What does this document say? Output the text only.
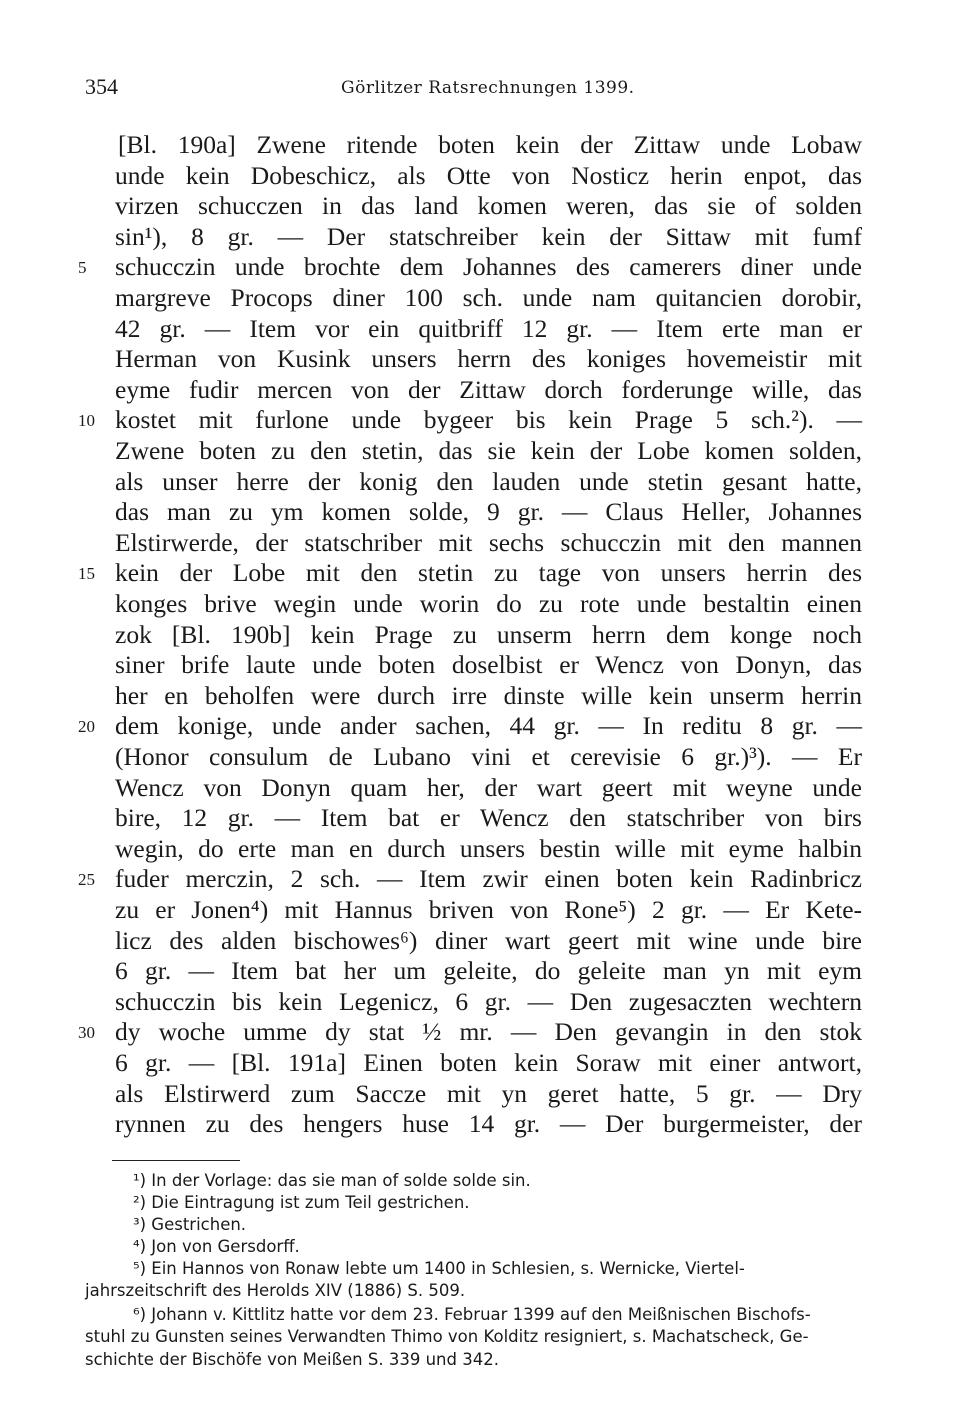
354	Görlitzer Ratsrechnungen 1399.
[Bl. 190a] Zwene ritende boten kein der Zittaw unde Lobaw
unde kein Dobeschicz, als Otte von Nosticz herin enpot, das
virzen schucczen in das land komen weren, das sie of solden
sin¹), 8 gr. — Der statschreiber kein der Sittaw mit fumf
schucczin unde brochte dem Johannes des camerers diner unde
margreve Procops diner 100 sch. unde nam quitancien dorobir,
42 gr. — Item vor ein quitbriff 12 gr. — Item erte man er
Herman von Kusink unsers herrn des koniges hovemeistir mit
eyme fudir mercen von der Zittaw dorch forderunge wille, das
kostet mit furlone unde bygeer bis kein Prage 5 sch.²). —
Zwene boten zu den stetin, das sie kein der Lobe komen solden,
als unser herre der konig den lauden unde stetin gesant hatte,
das man zu ym komen solde, 9 gr. — Claus Heller, Johannes
Elstirwerde, der statschriber mit sechs schucczin mit den mannen
kein der Lobe mit den stetin zu tage von unsers herrin des
konges brive wegin unde worin do zu rote unde bestaltin einen
zok [Bl. 190b] kein Prage zu unserm herrn dem konge noch
siner brife laute unde boten doselbist er Wencz von Donyn, das
her en beholfen were durch irre dinste wille kein unserm herrin
dem konige, unde ander sachen, 44 gr. — In reditu 8 gr. —
(Honor consulum de Lubano vini et cerevisie 6 gr.)³). — Er
Wencz von Donyn quam her, der wart geert mit weyne unde
bire, 12 gr. — Item bat er Wencz den statschriber von birs
wegin, do erte man en durch unsers bestin wille mit eyme halbin
fuder merczin, 2 sch. — Item zwir einen boten kein Radinbricz
zu er Jonen⁴) mit Hannus briven von Rone⁵) 2 gr. — Er Kete-
licz des alden bischowes⁶) diner wart geert mit wine unde bire
6 gr. — Item bat her um geleite, do geleite man yn mit eym
schucczin bis kein Legenicz, 6 gr. — Den zugesaczten wechtern
dy woche umme dy stat ½ mr. — Den gevangin in den stok
6 gr. — [Bl. 191a] Einen boten kein Soraw mit einer antwort,
als Elstirwerd zum Saccze mit yn geret hatte, 5 gr. — Dry
rynnen zu des hengers huse 14 gr. — Der burgermeister, der
5
10
15
20
25
30
¹) In der Vorlage: das sie man of solde solde sin.
²) Die Eintragung ist zum Teil gestrichen.
³) Gestrichen.
⁴) Jon von Gersdorff.
⁵) Ein Hannos von Ronaw lebte um 1400 in Schlesien, s. Wernicke, Viertel-
jahrszeitschrift des Herolds XIV (1886) S. 509.
⁶) Johann v. Kittlitz hatte vor dem 23. Februar 1399 auf den Meißnischen Bischofs-
stuhl zu Gunsten seines Verwandten Thimo von Kolditz resigniert, s. Machatscheck, Ge-
schichte der Bischöfe von Meißen S. 339 und 342.
